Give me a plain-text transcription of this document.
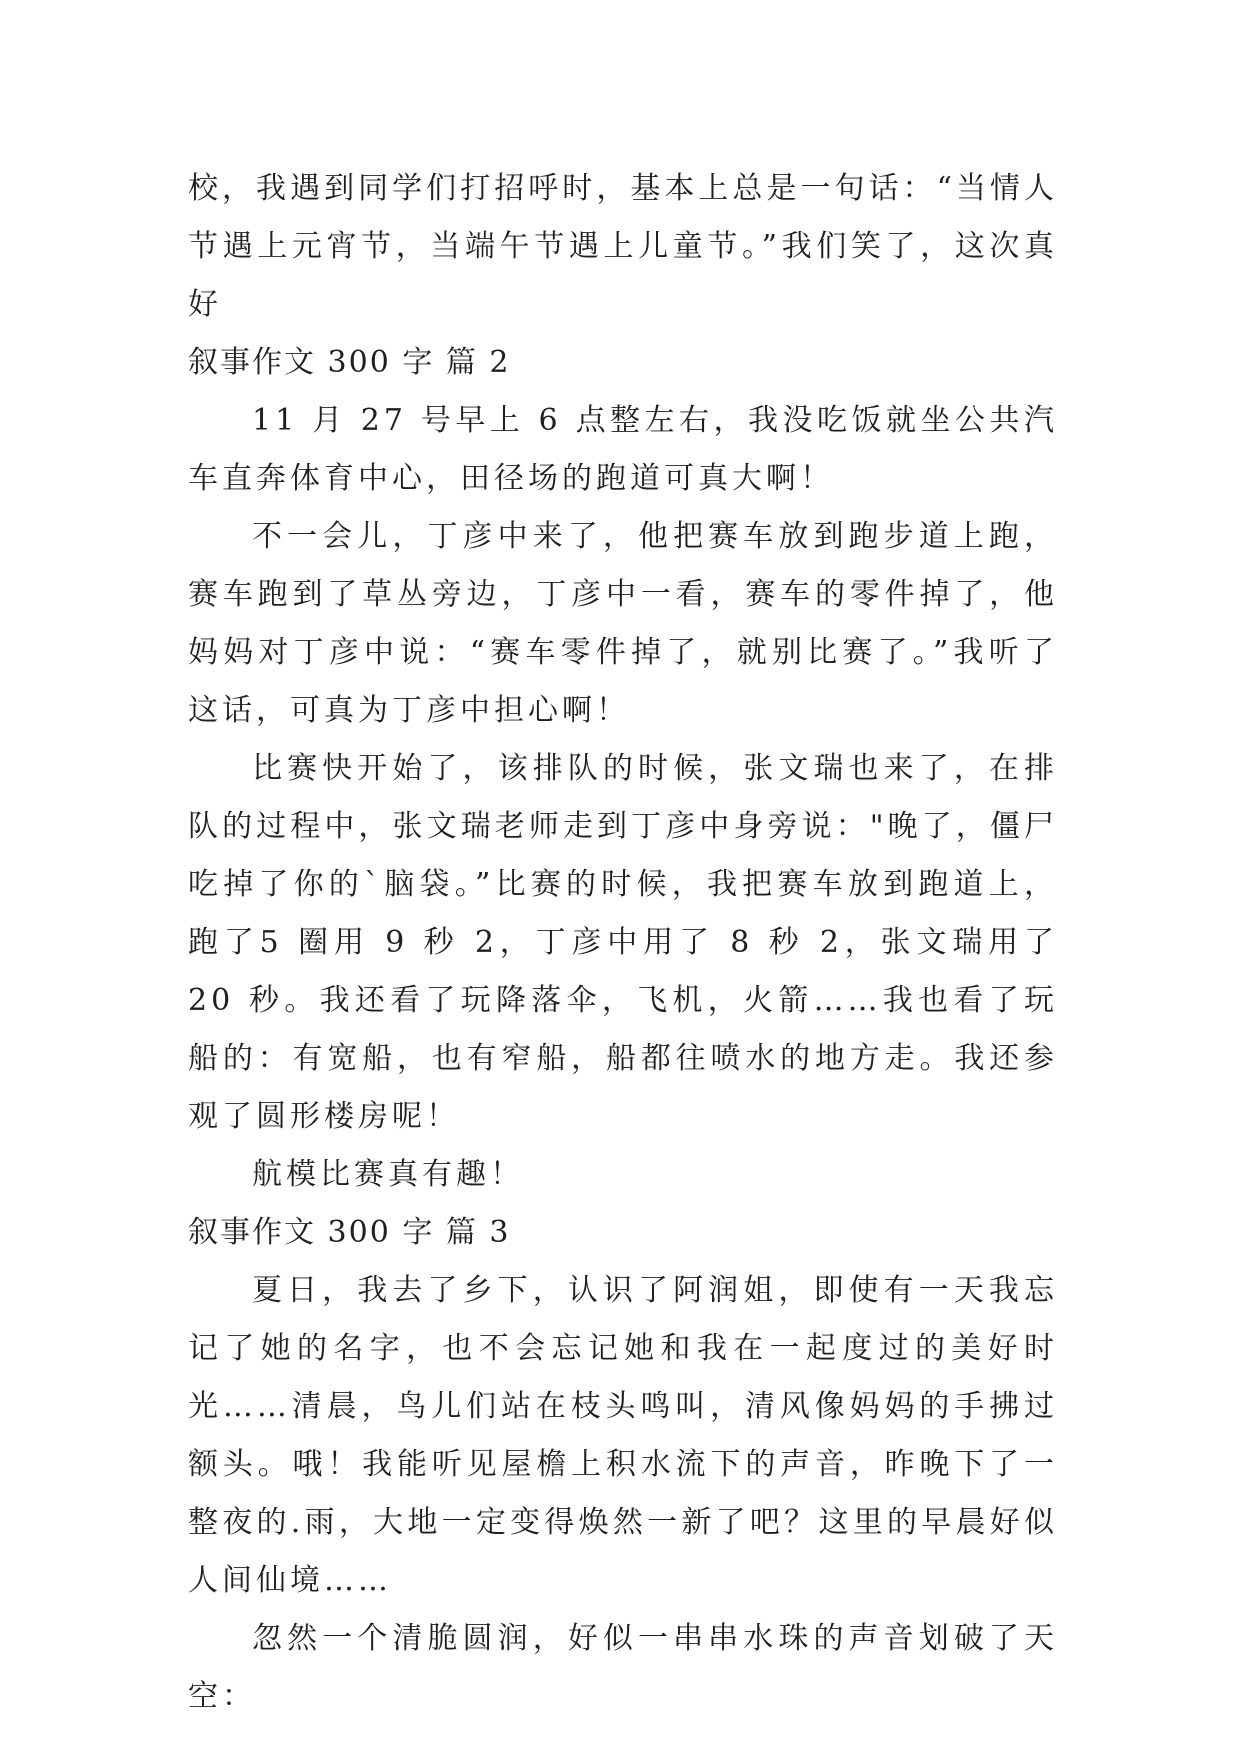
校，我遇到同学们打招呼时，基本上总是一句话：“当情人节遇上元宵节，当端午节遇上儿童节。”我们笑了，这次真好

叙事作文 300 字 篇 2

11 月 27 号早上 6 点整左右，我没吃饭就坐公共汽车直奔体育中心，田径场的跑道可真大啊！

不一会儿，丁彦中来了，他把赛车放到跑步道上跑，赛车跑到了草丛旁边，丁彦中一看，赛车的零件掉了，他妈妈对丁彦中说：“赛车零件掉了，就别比赛了。”我听了这话，可真为丁彦中担心啊！

比赛快开始了，该排队的时候，张文瑞也来了，在排队的过程中，张文瑞老师走到丁彦中身旁说："晚了，僵尸吃掉了你的`脑袋。”比赛的时候，我把赛车放到跑道上，跑了5 圈用 9 秒 2，丁彦中用了 8 秒 2，张文瑞用了 20 秒。我还看了玩降落伞，飞机，火箭……我也看了玩船的：有宽船，也有窄船，船都往喷水的地方走。我还参观了圆形楼房呢！

航模比赛真有趣！

叙事作文 300 字 篇 3

夏日，我去了乡下，认识了阿润姐，即使有一天我忘记了她的名字，也不会忘记她和我在一起度过的美好时光……清晨，鸟儿们站在枝头鸣叫，清风像妈妈的手拂过额头。哦！我能听见屋檐上积水流下的声音，昨晚下了一整夜的.雨，大地一定变得焕然一新了吧？这里的早晨好似人间仙境……

忽然一个清脆圆润，好似一串串水珠的声音划破了天空：
